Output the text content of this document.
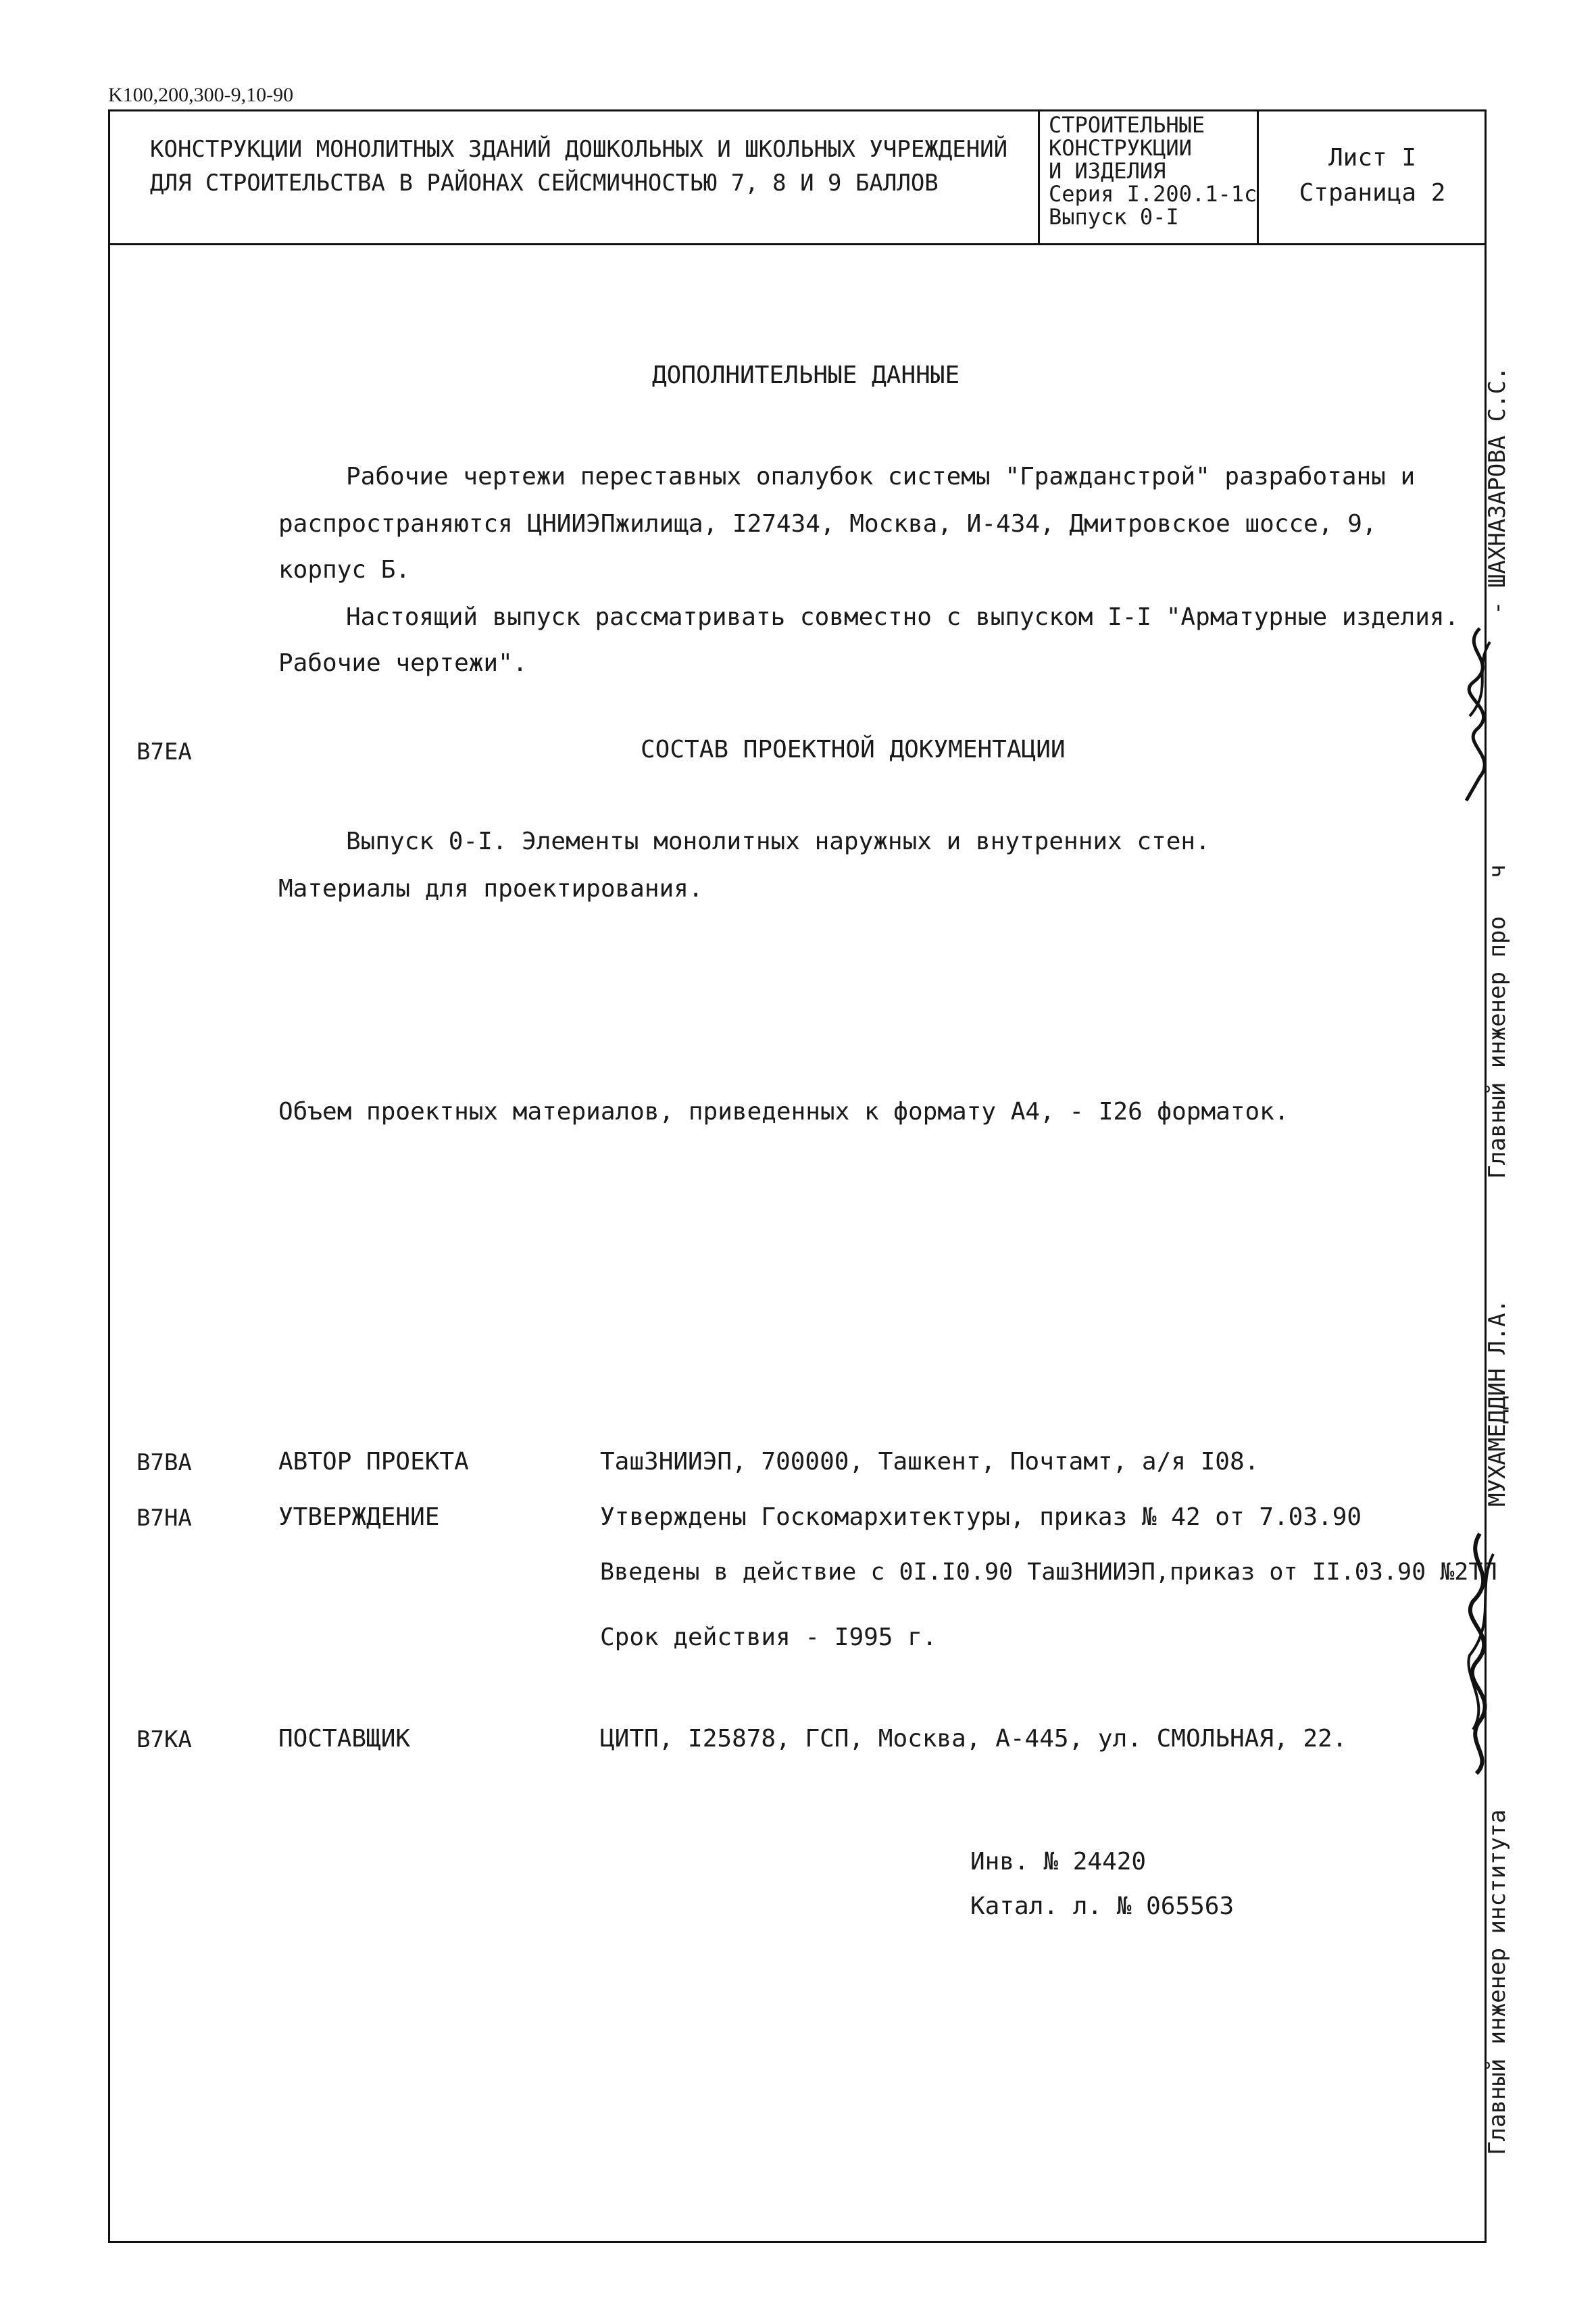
K100,200,300-9,10-90
КОНСТРУКЦИИ МОНОЛИТНЫХ ЗДАНИЙ ДОШКОЛЬНЫХ И ШКОЛЬНЫХ УЧРЕЖДЕНИЙ
ДЛЯ СТРОИТЕЛЬСТВА В РАЙОНАХ СЕЙСМИЧНОСТЬЮ 7, 8 И 9 БАЛЛОВ
СТРОИТЕЛЬНЫЕ
КОНСТРУКЦИИ
И ИЗДЕЛИЯ
Серия I.200.1-1с
Выпуск 0-I
Лист I
Страница 2
ДОПОЛНИТЕЛЬНЫЕ ДАННЫЕ
Рабочие чертежи переставных опалубок системы "Гражданстрой" разработаны и
распространяются ЦНИИЭПжилища, I27434, Москва, И-434, Дмитровское шоссе, 9,
корпус Б.
Настоящий выпуск рассматривать совместно с выпуском I-I "Арматурные изделия.
Рабочие чертежи".
В7ЕА	СОСТАВ ПРОЕКТНОЙ ДОКУМЕНТАЦИИ
Выпуск 0-I. Элементы монолитных наружных и внутренних стен.
Материалы для проектирования.
Объем проектных материалов, приведенных к формату А4, - I26 форматок.
В7ВА	АВТОР ПРОЕКТА	ТашЗНИИЭП, 700000, Ташкент, Почтамт, а/я I08.
В7НА	УТВЕРЖДЕНИЕ	Утверждены Госкомархитектуры, приказ № 42 от 7.03.90
Введены в действие с 0I.I0.90 ТашЗНИИЭП,приказ от II.03.90 №2ТП
Срок действия - I995 г.
В7КА	ПОСТАВЩИК	ЦИТП, I25878, ГСП, Москва, А-445, ул. СМОЛЬНАЯ, 22.
Инв. № 24420
Катал. л. № 065563
ШАХНАЗАРОВА С.С.
-
Главный инженер про
ч
МУХАМЕДДИН Л.А.
Главный инженер института
